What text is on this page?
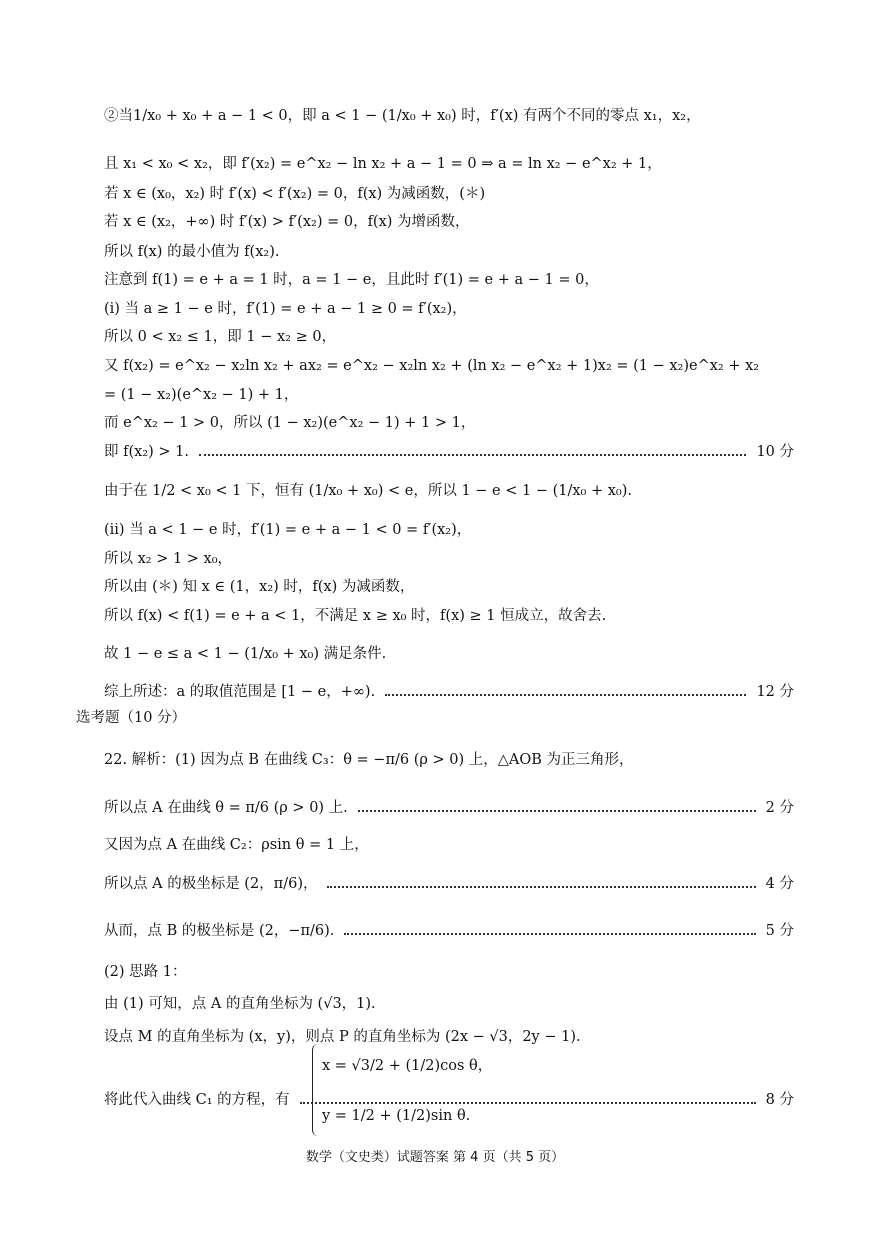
②当1/x₀ + x₀ + a − 1 < 0，即 a < 1 − (1/x₀ + x₀) 时，f′(x) 有两个不同的零点 x₁，x₂，
且 x₁ < x₀ < x₂，即 f′(x₂) = e^x₂ − ln x₂ + a − 1 = 0 ⇒ a = ln x₂ − e^x₂ + 1，
若 x ∈ (x₀，x₂) 时 f′(x) < f′(x₂) = 0，f(x) 为减函数，(＊)
若 x ∈ (x₂，+∞) 时 f′(x) > f′(x₂) = 0，f(x) 为增函数，
所以 f(x) 的最小值为 f(x₂).
注意到 f(1) = e + a = 1 时，a = 1 − e，且此时 f′(1) = e + a − 1 = 0，
(ⅰ) 当 a ≥ 1 − e 时，f′(1) = e + a − 1 ≥ 0 = f′(x₂)，
所以 0 < x₂ ≤ 1，即 1 − x₂ ≥ 0，
又 f(x₂) = e^x₂ − x₂ln x₂ + ax₂ = e^x₂ − x₂ln x₂ + (ln x₂ − e^x₂ + 1)x₂ = (1 − x₂)e^x₂ + x₂
= (1 − x₂)(e^x₂ − 1) + 1，
而 e^x₂ − 1 > 0，所以 (1 − x₂)(e^x₂ − 1) + 1 > 1，
即 f(x₂) > 1.	10 分
由于在 1/2 < x₀ < 1 下，恒有 (1/x₀ + x₀) < e，所以 1 − e < 1 − (1/x₀ + x₀).
(ⅱ) 当 a < 1 − e 时，f′(1) = e + a − 1 < 0 = f′(x₂)，
所以 x₂ > 1 > x₀，
所以由 (＊) 知 x ∈ (1，x₂) 时，f(x) 为减函数，
所以 f(x) < f(1) = e + a < 1，不满足 x ≥ x₀ 时，f(x) ≥ 1 恒成立，故舍去.
故 1 − e ≤ a < 1 − (1/x₀ + x₀) 满足条件.
综上所述：a 的取值范围是 [1 − e，+∞).	12 分
22. 解析：(1) 因为点 B 在曲线 C₃：θ = −π/6 (ρ > 0) 上，△AOB 为正三角形，
所以点 A 在曲线 θ = π/6 (ρ > 0) 上.	2 分
又因为点 A 在曲线 C₂：ρsin θ = 1 上，
所以点 A 的极坐标是 (2，π/6)，	4 分
从而，点 B 的极坐标是 (2，−π/6).	5 分
(2) 思路 1：
由 (1) 可知，点 A 的直角坐标为 (√3，1).
设点 M 的直角坐标为 (x，y)，则点 P 的直角坐标为 (2x − √3，2y − 1).
将此代入曲线 C₁ 的方程，有	8 分
选考题（10 分）
x = √3/2 + (1/2)cos θ，
y = 1/2 + (1/2)sin θ.
数学（文史类）试题答案 第 4 页（共 5 页）
